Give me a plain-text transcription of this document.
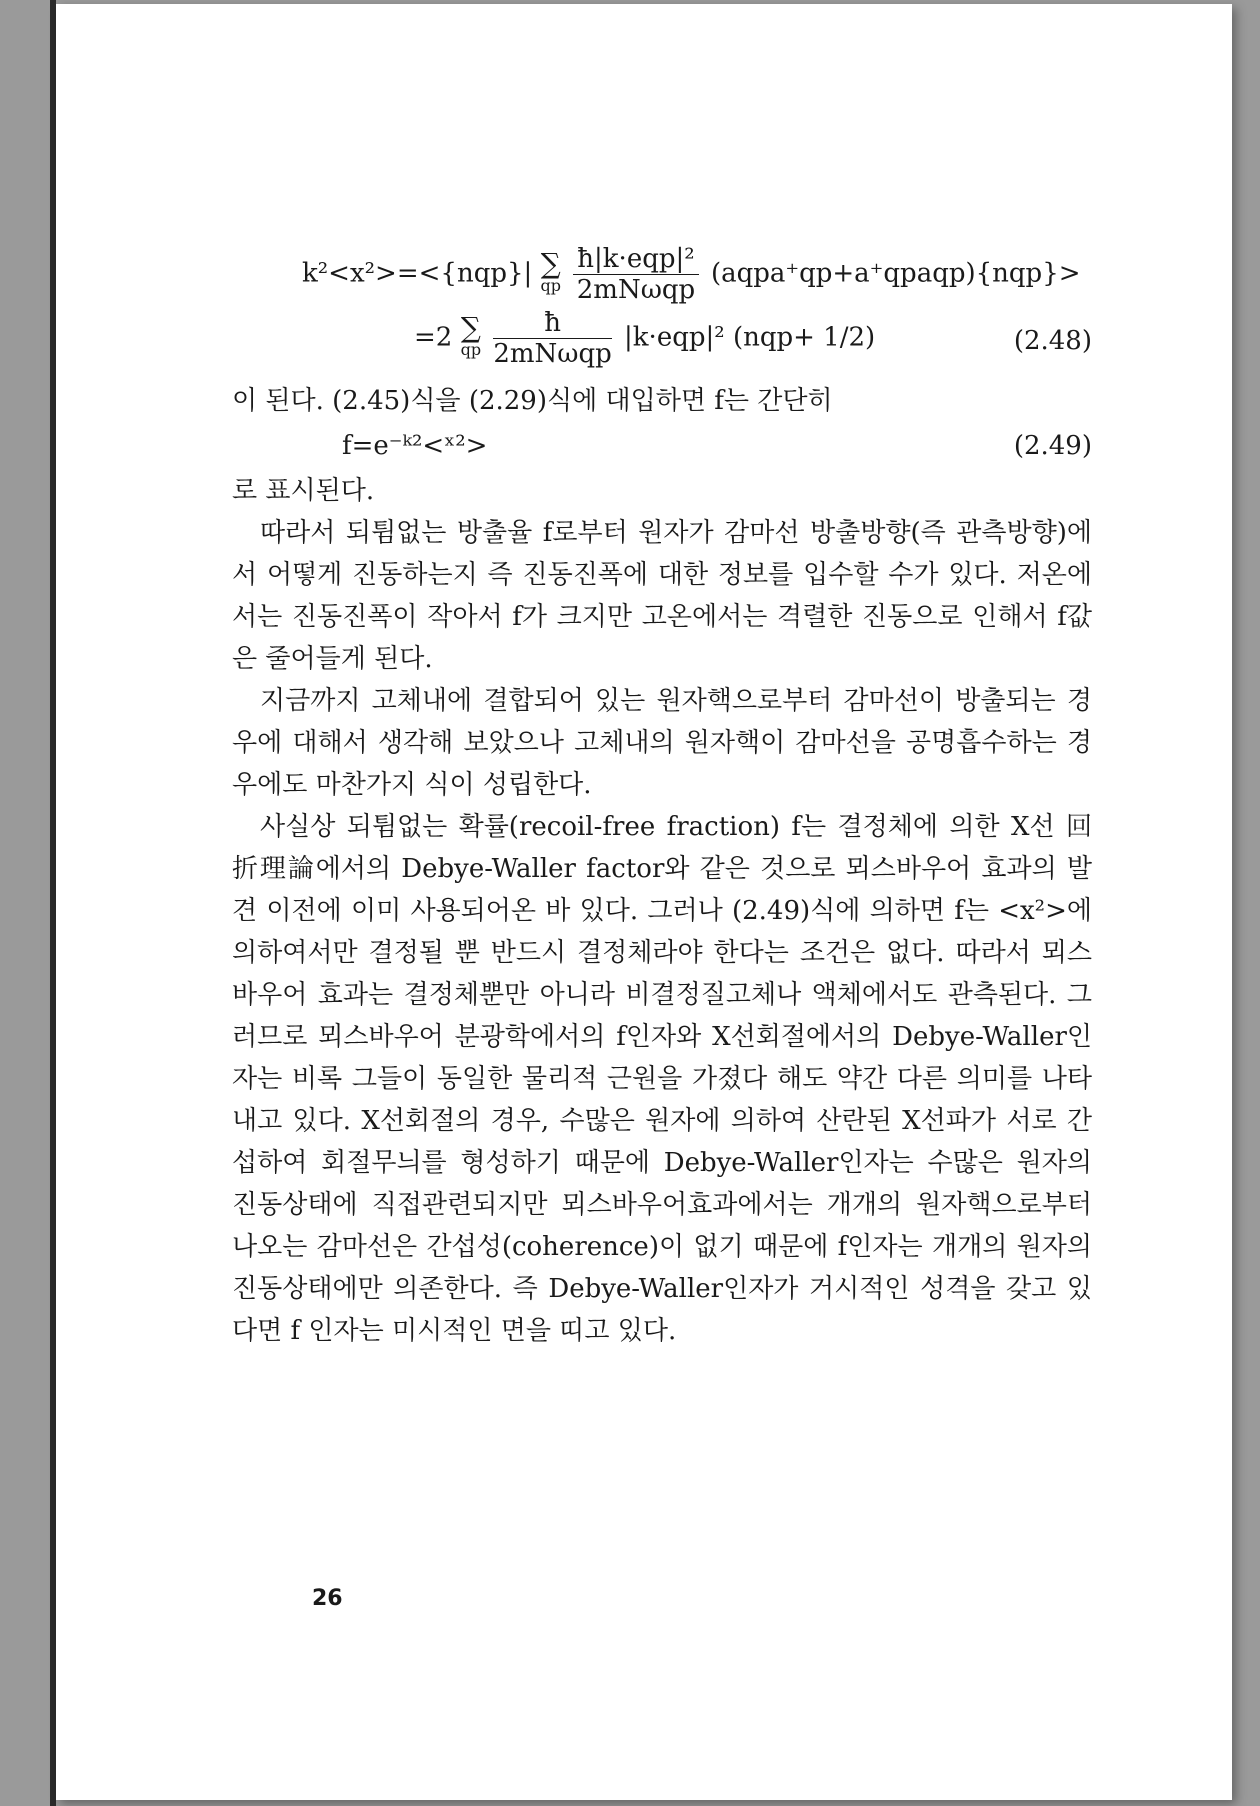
k²<x²>=<{nqp}| ∑
qp
$\frac{\text{ħ|k·eqp|²}}{\text{2mNωqp}}$ (aqpa⁺qp+a⁺qpaqp){nqp}>
=2 ∑
qp
$\frac{ħ}{\text{2mNωqp}} |k\cdot eqp|^2$ (nqp+ 1/2)	(2.48)

이 된다. (2.45)식을 (2.29)식에 대입하면 f는 간단히

f=e⁻ᵏ²<ˣ²>	(2.49)

로 표시된다.

따라서 되튐없는 방출율 f로부터 원자가 감마선 방출방향(즉 관측방향)에서 어떻게 진동하는지 즉 진동진폭에 대한 정보를 입수할 수가 있다. 저온에서는 진동진폭이 작아서 f가 크지만 고온에서는 격렬한 진동으로 인해서 f값은 줄어들게 된다.

지금까지 고체내에 결합되어 있는 원자핵으로부터 감마선이 방출되는 경우에 대해서 생각해 보았으나 고체내의 원자핵이 감마선을 공명흡수하는 경우에도 마찬가지 식이 성립한다.

사실상 되튐없는 확률(recoil-free fraction) f는 결정체에 의한 X선 回折理論에서의 Debye-Waller factor와 같은 것으로 뫼스바우어 효과의 발견 이전에 이미 사용되어온 바 있다. 그러나 (2.49)식에 의하면 f는 <x²>에 의하여서만 결정될 뿐 반드시 결정체라야 한다는 조건은 없다. 따라서 뫼스바우어 효과는 결정체뿐만 아니라 비결정질고체나 액체에서도 관측된다. 그러므로 뫼스바우어 분광학에서의 f인자와 X선회절에서의 Debye-Waller인자는 비록 그들이 동일한 물리적 근원을 가졌다 해도 약간 다른 의미를 나타내고 있다. X선회절의 경우, 수많은 원자에 의하여 산란된 X선파가 서로 간섭하여 회절무늬를 형성하기 때문에 Debye-Waller인자는 수많은 원자의 진동상태에 직접관련되지만 뫼스바우어효과에서는 개개의 원자핵으로부터 나오는 감마선은 간섭성(coherence)이 없기 때문에 f인자는 개개의 원자의 진동상태에만 의존한다. 즉 Debye-Waller인자가 거시적인 성격을 갖고 있다면 f 인자는 미시적인 면을 띠고 있다.

26
